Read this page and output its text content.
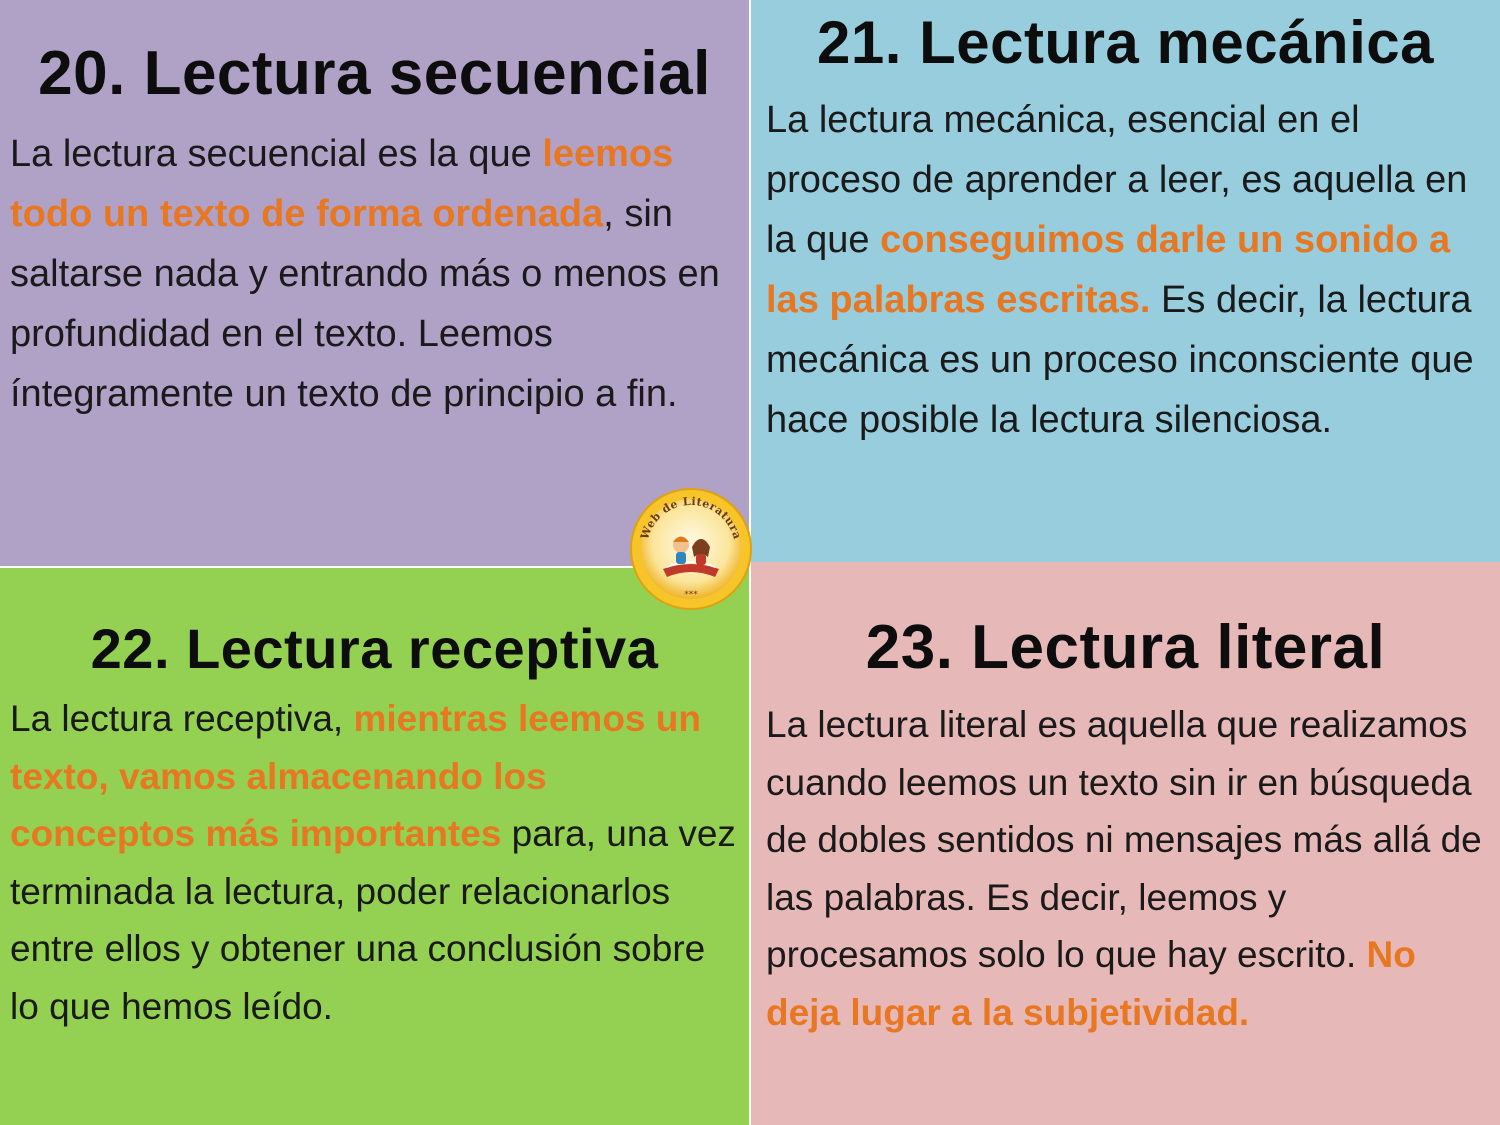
20. Lectura secuencial

La lectura secuencial es la que leemos todo un texto de forma ordenada, sin saltarse nada y entrando más o menos en profundidad en el texto. Leemos íntegramente un texto de principio a fin.

21. Lectura mecánica

La lectura mecánica, esencial en el proceso de aprender a leer, es aquella en la que conseguimos darle un sonido a las palabras escritas. Es decir, la lectura mecánica es un proceso inconsciente que hace posible la lectura silenciosa.

22. Lectura receptiva

La lectura receptiva, mientras leemos un texto, vamos almacenando los conceptos más importantes para, una vez terminada la lectura, poder relacionarlos entre ellos y obtener una conclusión sobre lo que hemos leído.

23. Lectura literal

La lectura literal es aquella que realizamos cuando leemos un texto sin ir en búsqueda de dobles sentidos ni mensajes más allá de las palabras. Es decir, leemos y procesamos solo lo que hay escrito. No deja lugar a la subjetividad.

Web de Literatura
***
